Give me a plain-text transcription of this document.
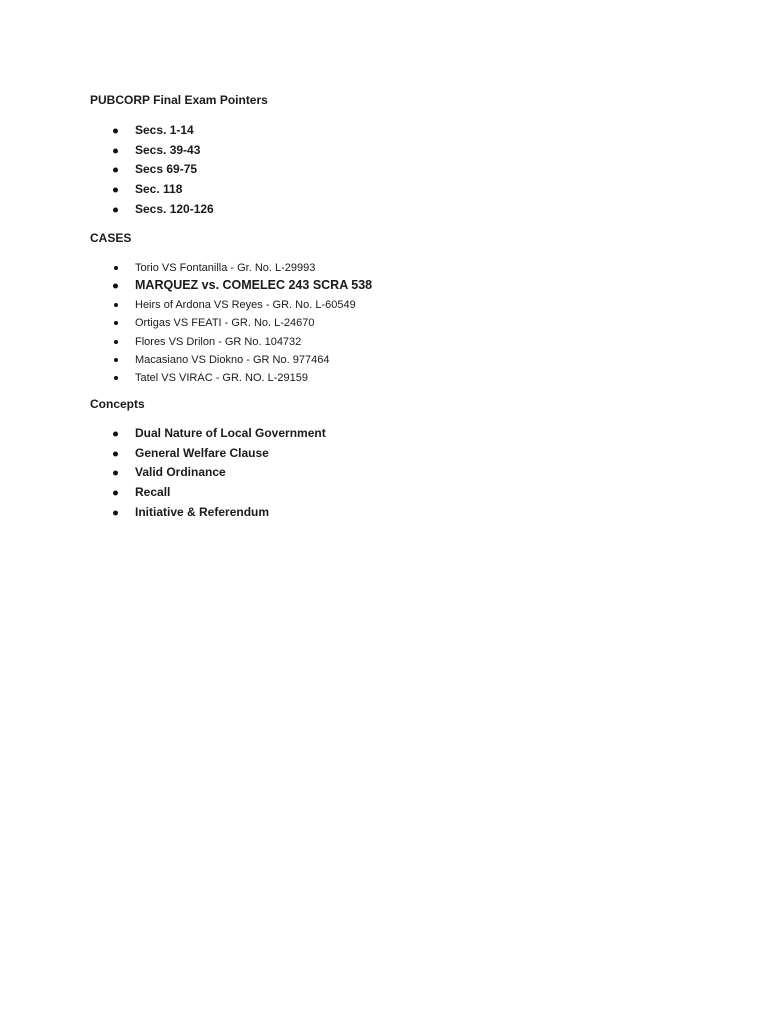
PUBCORP Final Exam Pointers
Secs. 1-14
Secs. 39-43
Secs 69-75
Sec. 118
Secs. 120-126
CASES
Torio VS Fontanilla - Gr. No. L-29993
MARQUEZ vs. COMELEC 243 SCRA 538
Heirs of Ardona VS Reyes - GR. No. L-60549
Ortigas VS FEATI - GR. No. L-24670
Flores VS Drilon - GR No. 104732
Macasiano VS Diokno - GR No. 977464
Tatel VS VIRAC - GR. NO. L-29159
Concepts
Dual Nature of Local Government
General Welfare Clause
Valid Ordinance
Recall
Initiative & Referendum
